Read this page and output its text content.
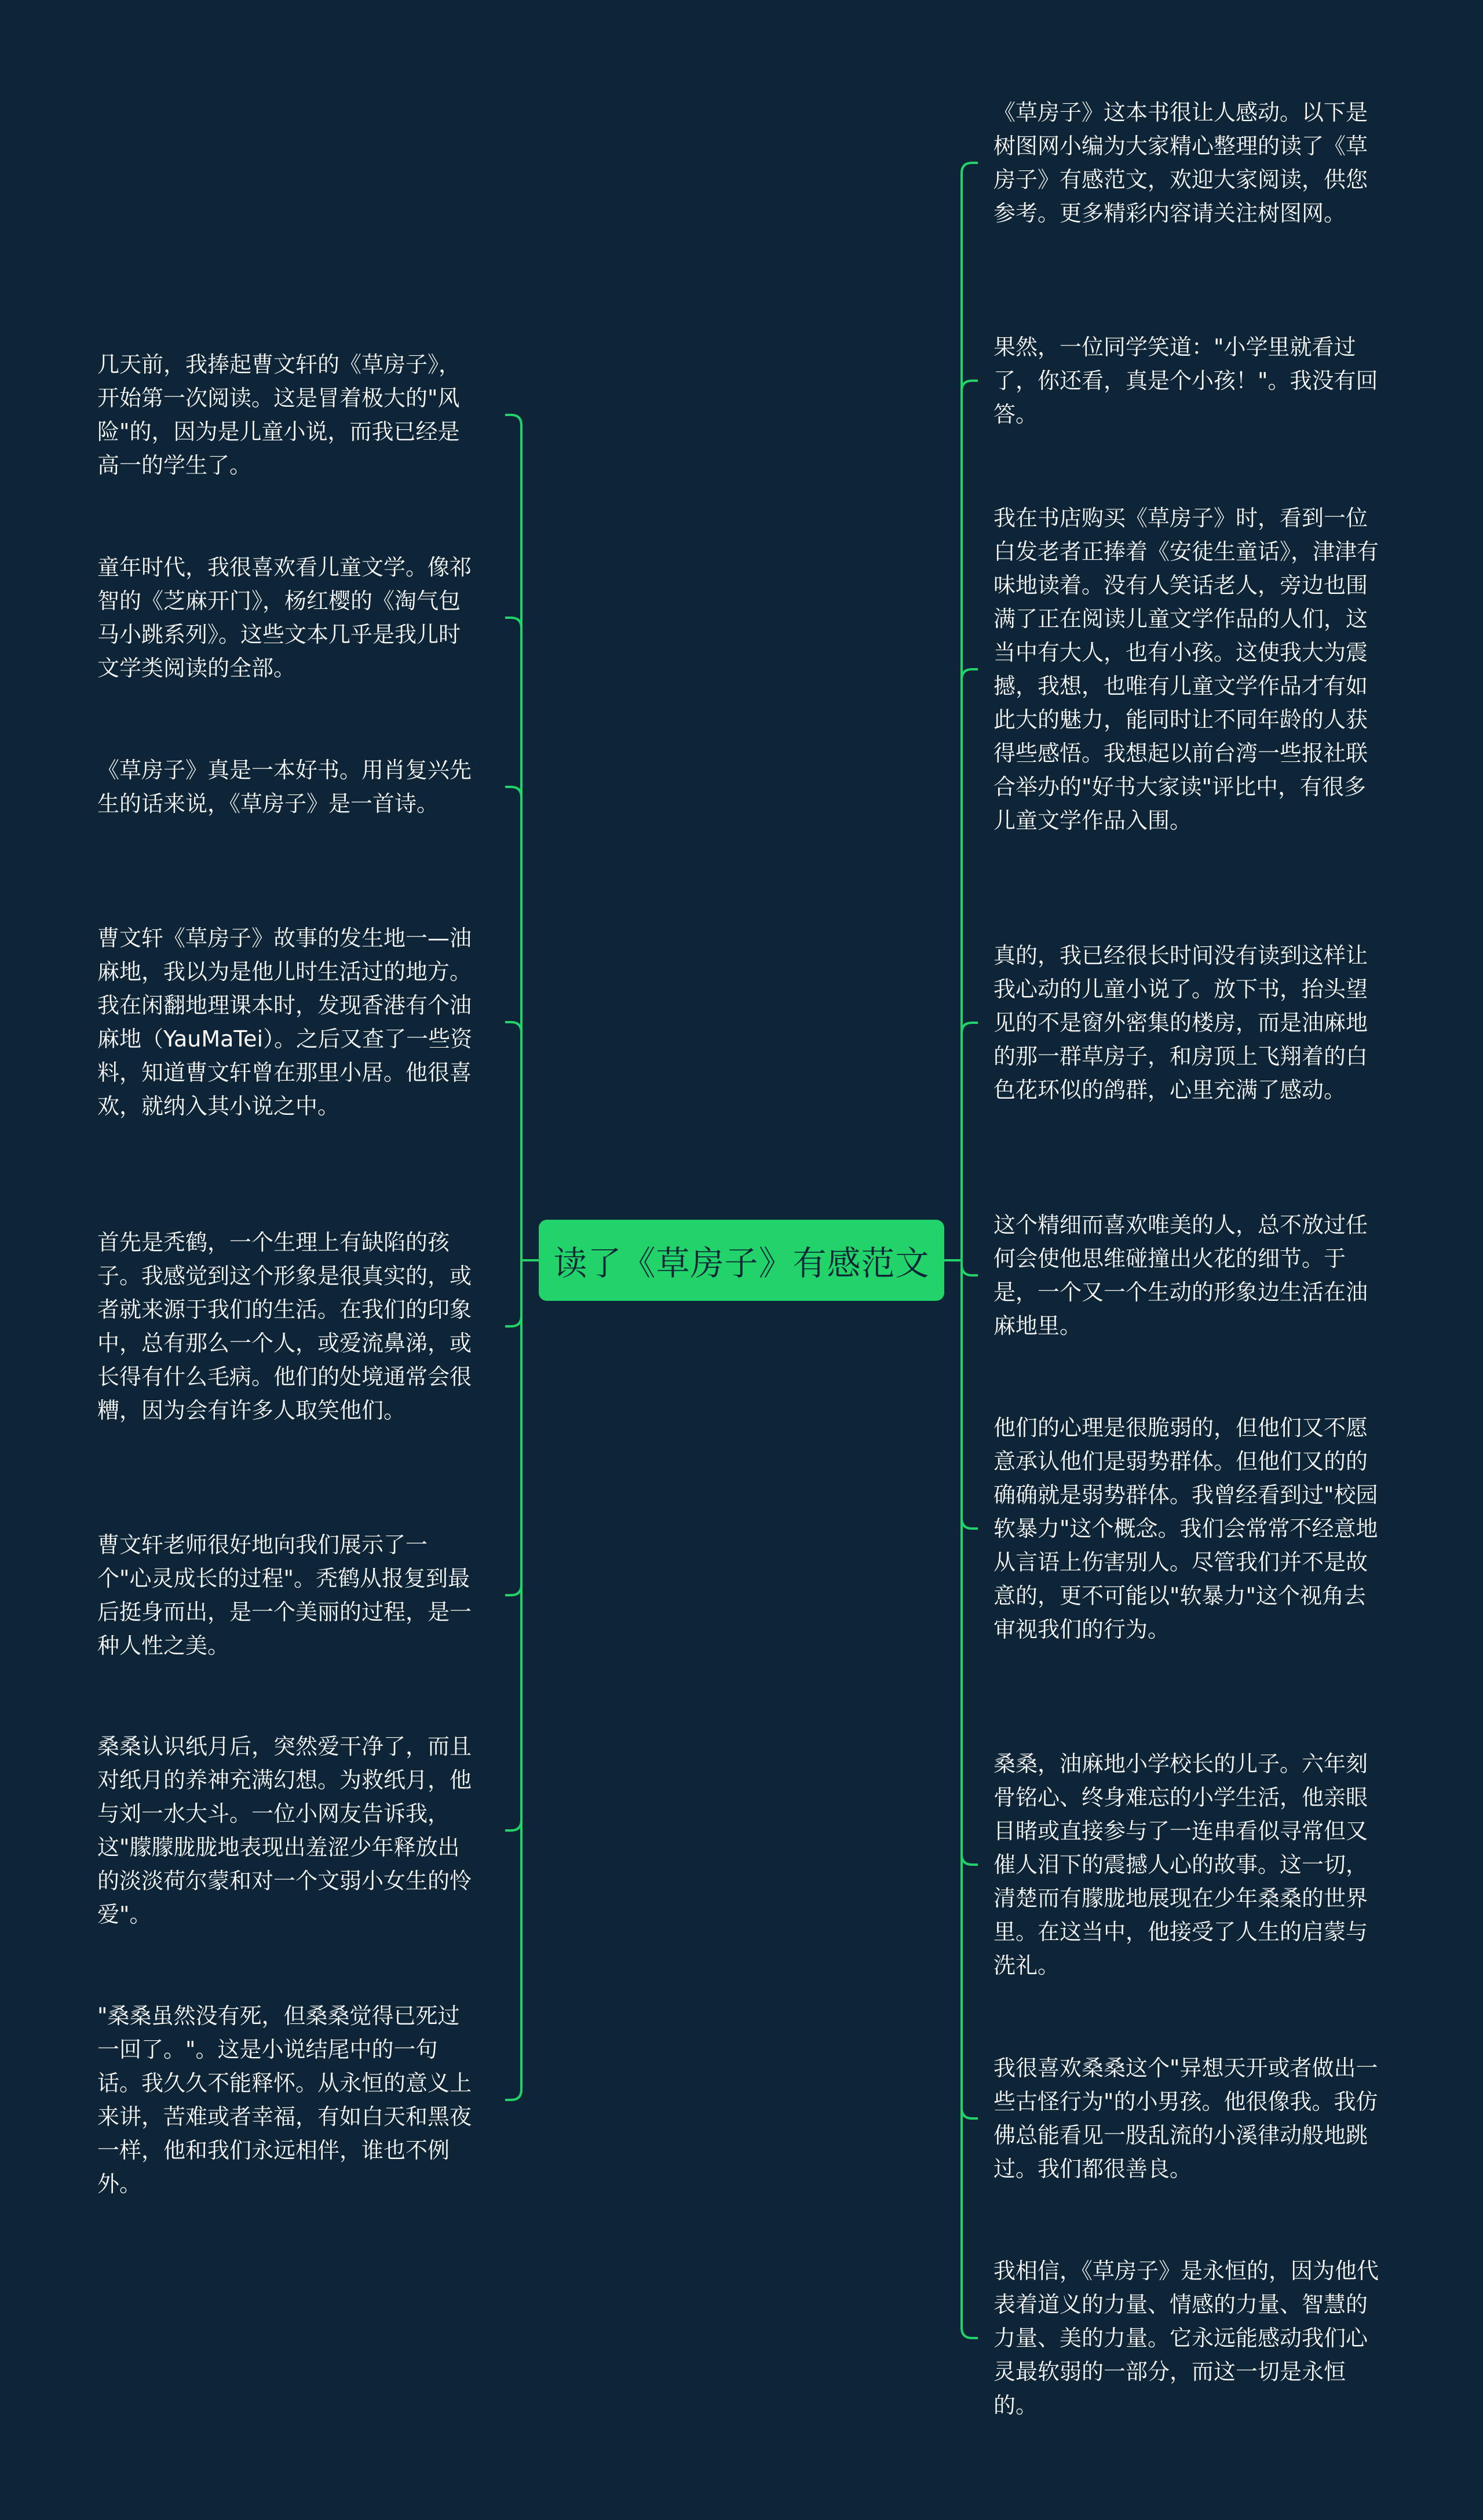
读了《草房子》有感范文
几天前，我捧起曹文轩的《草房子》，开始第一次阅读。这是冒着极大的"风险"的，因为是儿童小说，而我已经是高一的学生了。
童年时代，我很喜欢看儿童文学。像祁智的《芝麻开门》，杨红樱的《淘气包马小跳系列》。这些文本几乎是我儿时文学类阅读的全部。
《草房子》真是一本好书。用肖复兴先生的话来说，《草房子》是一首诗。
曹文轩《草房子》故事的发生地一—油麻地，我以为是他儿时生活过的地方。我在闲翻地理课本时，发现香港有个油麻地（YauMaTei）。之后又查了一些资料，知道曹文轩曾在那里小居。他很喜欢，就纳入其小说之中。
首先是秃鹤，一个生理上有缺陷的孩子。我感觉到这个形象是很真实的，或者就来源于我们的生活。在我们的印象中，总有那么一个人，或爱流鼻涕，或长得有什么毛病。他们的处境通常会很糟，因为会有许多人取笑他们。
曹文轩老师很好地向我们展示了一个"心灵成长的过程"。秃鹤从报复到最后挺身而出，是一个美丽的过程，是一种人性之美。
桑桑认识纸月后，突然爱干净了，而且对纸月的养神充满幻想。为救纸月，他与刘一水大斗。一位小网友告诉我，这"朦朦胧胧地表现出羞涩少年释放出的淡淡荷尔蒙和对一个文弱小女生的怜爱"。
"桑桑虽然没有死，但桑桑觉得已死过一回了。"。这是小说结尾中的一句话。我久久不能释怀。从永恒的意义上来讲，苦难或者幸福，有如白天和黑夜一样，他和我们永远相伴，谁也不例外。
《草房子》这本书很让人感动。以下是树图网小编为大家精心整理的读了《草房子》有感范文，欢迎大家阅读，供您参考。更多精彩内容请关注树图网。
果然，一位同学笑道："小学里就看过了，你还看，真是个小孩！"。我没有回答。
我在书店购买《草房子》时，看到一位白发老者正捧着《安徒生童话》，津津有味地读着。没有人笑话老人，旁边也围满了正在阅读儿童文学作品的人们，这当中有大人，也有小孩。这使我大为震撼，我想，也唯有儿童文学作品才有如此大的魅力，能同时让不同年龄的人获得些感悟。我想起以前台湾一些报社联合举办的"好书大家读"评比中，有很多儿童文学作品入围。
真的，我已经很长时间没有读到这样让我心动的儿童小说了。放下书，抬头望见的不是窗外密集的楼房，而是油麻地的那一群草房子，和房顶上飞翔着的白色花环似的鸽群，心里充满了感动。
这个精细而喜欢唯美的人，总不放过任何会使他思维碰撞出火花的细节。于是，一个又一个生动的形象边生活在油麻地里。
他们的心理是很脆弱的，但他们又不愿意承认他们是弱势群体。但他们又的的确确就是弱势群体。我曾经看到过"校园软暴力"这个概念。我们会常常不经意地从言语上伤害别人。尽管我们并不是故意的，更不可能以"软暴力"这个视角去审视我们的行为。
桑桑，油麻地小学校长的儿子。六年刻骨铭心、终身难忘的小学生活，他亲眼目睹或直接参与了一连串看似寻常但又催人泪下的震撼人心的故事。这一切，清楚而有朦胧地展现在少年桑桑的世界里。在这当中，他接受了人生的启蒙与洗礼。
我很喜欢桑桑这个"异想天开或者做出一些古怪行为"的小男孩。他很像我。我仿佛总能看见一股乱流的小溪律动般地跳过。我们都很善良。
我相信，《草房子》是永恒的，因为他代表着道义的力量、情感的力量、智慧的力量、美的力量。它永远能感动我们心灵最软弱的一部分，而这一切是永恒的。
